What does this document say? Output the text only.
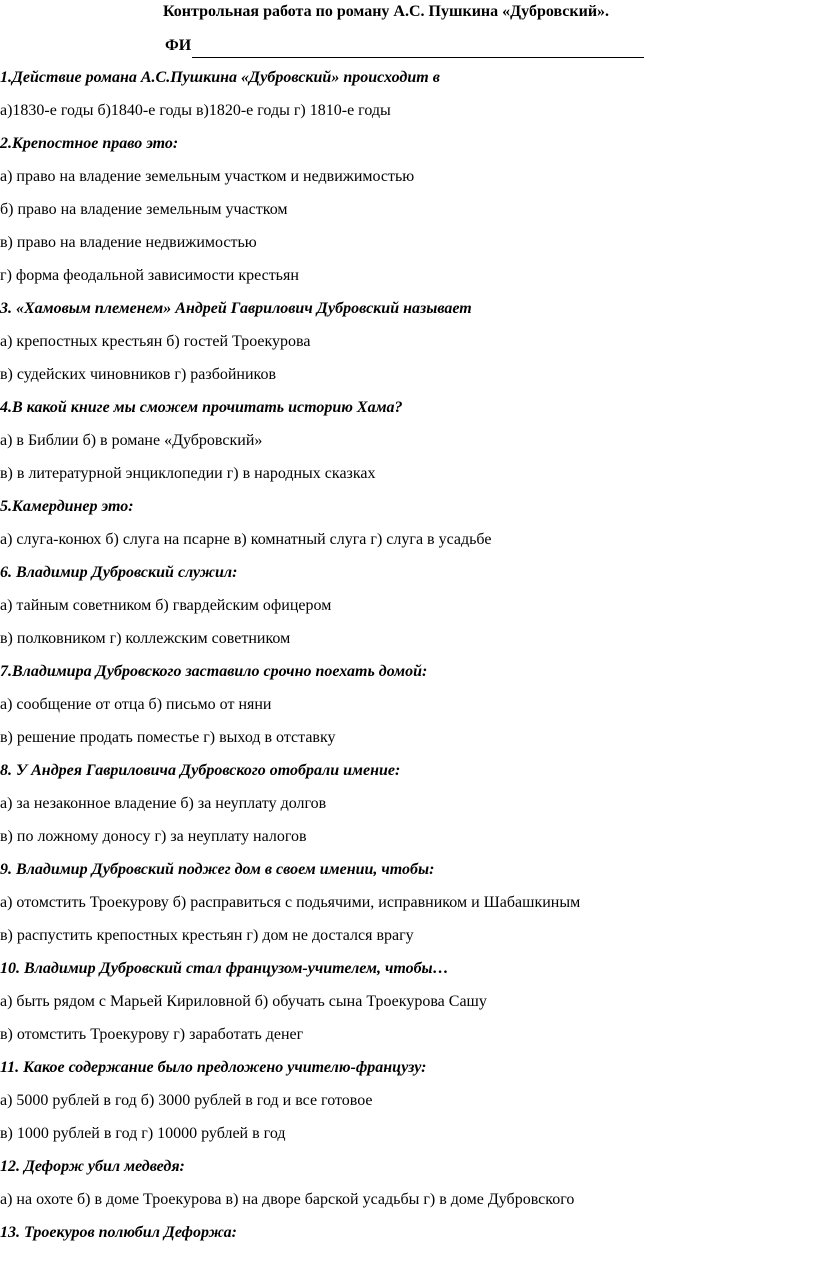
Контрольная работа по роману А.С. Пушкина «Дубровский».
ФИ
1.Действие романа А.С.Пушкина «Дубровский» происходит в
а)1830-е годы б)1840-е годы в)1820-е годы г) 1810-е годы
2.Крепостное право это:
а) право на владение земельным участком и недвижимостью
б) право на владение земельным участком
в) право на владение недвижимостью
г) форма феодальной зависимости крестьян
3. «Хамовым племенем» Андрей Гаврилович Дубровский называет
а) крепостных крестьян б) гостей Троекурова
в) судейских чиновников г) разбойников
4.В какой книге мы сможем прочитать историю Хама?
а) в Библии б) в романе «Дубровский»
в) в литературной энциклопедии г) в народных сказках
5.Камердинер это:
а) слуга-конюх б) слуга на псарне в) комнатный слуга г) слуга в усадьбе
6. Владимир Дубровский служил:
а) тайным советником б) гвардейским офицером
в) полковником г) коллежским советником
7.Владимира Дубровского заставило срочно поехать домой:
а) сообщение от отца б) письмо от няни
в) решение продать поместье г) выход в отставку
8. У Андрея Гавриловича Дубровского отобрали имение:
а) за незаконное владение б) за неуплату долгов
в) по ложному доносу г) за неуплату налогов
9. Владимир Дубровский поджег дом в своем имении, чтобы:
а) отомстить Троекурову б) расправиться с подьячими, исправником и Шабашкиным
в) распустить крепостных крестьян г) дом не достался врагу
10. Владимир Дубровский стал французом-учителем, чтобы…
а) быть рядом с Марьей Кириловной б) обучать сына Троекурова Сашу
в) отомстить Троекурову г) заработать денег
11. Какое содержание было предложено учителю-французу:
а) 5000 рублей в год б) 3000 рублей в год и все готовое
в) 1000 рублей в год г) 10000 рублей в год
12. Дефорж убил медведя:
а) на охоте б) в доме Троекурова в) на дворе барской усадьбы г) в доме Дубровского
13. Троекуров полюбил Дефоржа:
